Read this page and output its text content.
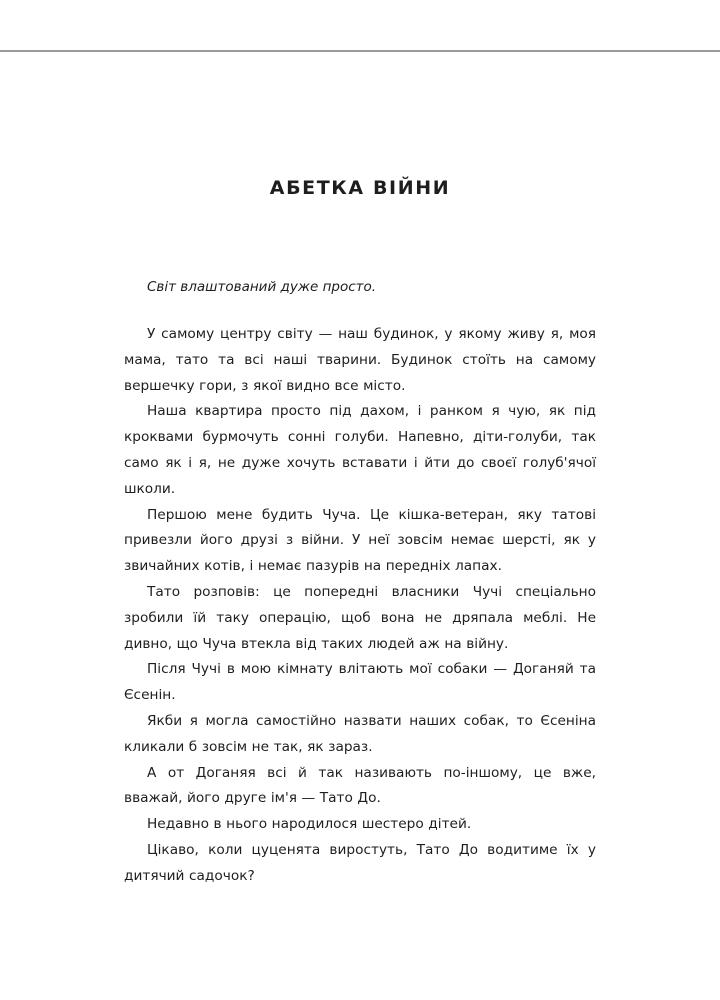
АБЕТКА ВІЙНИ

Світ влаштований дуже просто.

У самому центру світу — наш будинок, у якому живу я, моя мама, тато та всі наші тварини. Будинок стоїть на самому вершечку гори, з якої видно все місто.

Наша квартира просто під дахом, і ранком я чую, як під кроквами бурмочуть сонні голуби. Напевно, діти-голуби, так само як і я, не дуже хочуть вставати і йти до своєї голуб'ячої школи.

Першою мене будить Чуча. Це кішка-ветеран, яку татові привезли його друзі з війни. У неї зовсім немає шерсті, як у звичайних котів, і немає пазурів на передніх лапах.

Тато розповів: це попередні власники Чучі спеціально зробили їй таку операцію, щоб вона не дряпала меблі. Не дивно, що Чуча втекла від таких людей аж на війну.

Після Чучі в мою кімнату влітають мої собаки — Доганяй та Єсенін.

Якби я могла самостійно назвати наших собак, то Єсеніна кликали б зовсім не так, як зараз.

А от Доганяя всі й так називають по-іншому, це вже, вважай, його друге ім'я — Тато До.

Недавно в нього народилося шестеро дітей.

Цікаво, коли цуценята виростуть, Тато До водитиме їх у дитячий садочок?
